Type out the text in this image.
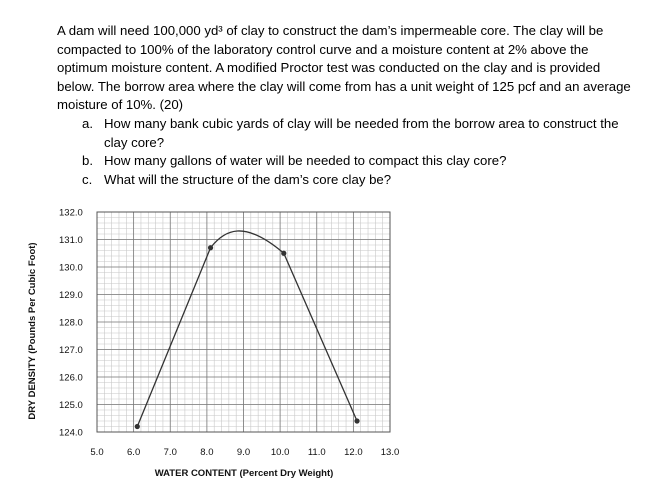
A dam will need 100,000 yd³ of clay to construct the dam’s impermeable core. The clay will be compacted to 100% of the laboratory control curve and a moisture content at 2% above the optimum moisture content. A modified Proctor test was conducted on the clay and is provided below. The borrow area where the clay will come from has a unit weight of 125 pcf and an average moisture of 10%. (20)

a. How many bank cubic yards of clay will be needed from the borrow area to construct the clay core?
b. How many gallons of water will be needed to compact this clay core?
c. What will the structure of the dam’s core clay be?
124.0
125.0
126.0
127.0
128.0
129.0
130.0
131.0
132.0
5.0 6.0 7.0 8.0 9.0 10.0 11.0 12.0 13.0
WATER CONTENT (Percent Dry Weight)
DRY DENSITY (Pounds Per Cubic Foot)
